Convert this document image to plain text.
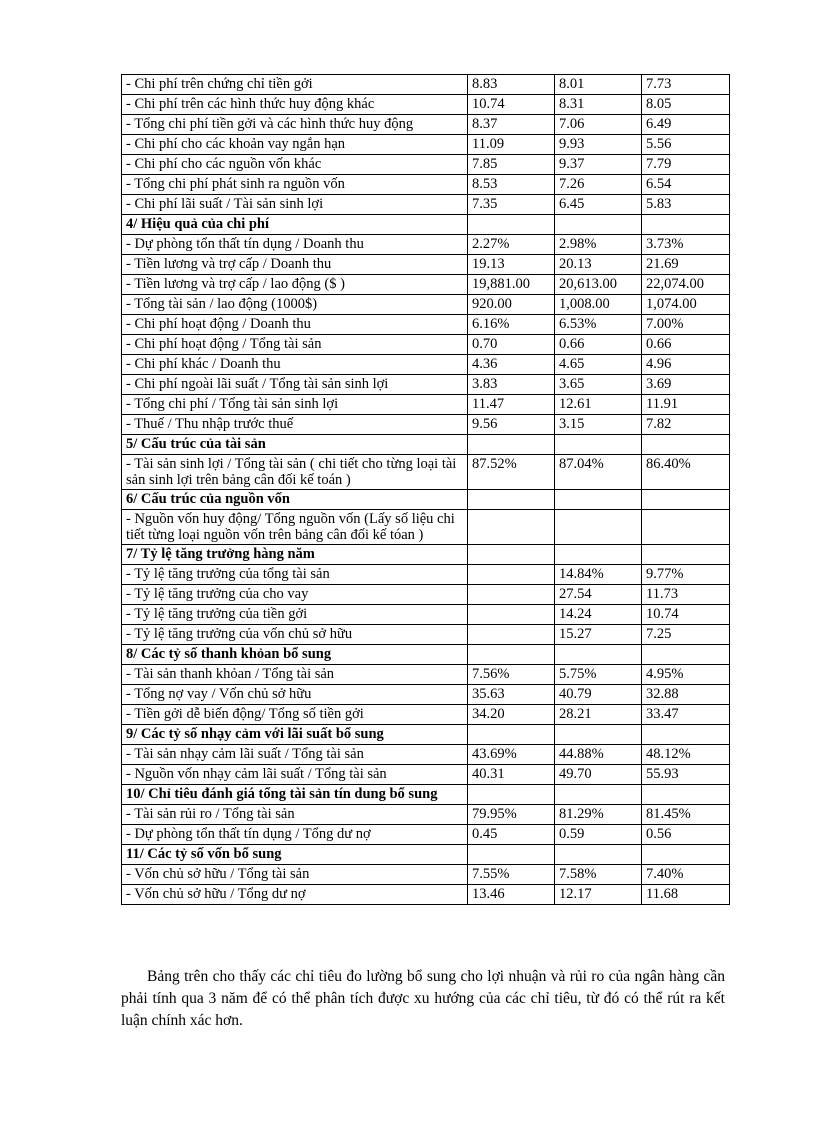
- Chi phí trên chứng chỉ tiền gởi	8.83	8.01	7.73
- Chi phí trên các hình thức huy động khác	10.74	8.31	8.05
- Tổng chi phí tiền gởi và các hình thức huy động	8.37	7.06	6.49
- Chi phí cho các khoản vay ngắn hạn	11.09	9.93	5.56
- Chi phí cho các nguồn vốn khác	7.85	9.37	7.79
- Tổng chi phí phát sinh ra nguồn vốn	8.53	7.26	6.54
- Chi phí lãi suất / Tài sản sinh lợi	7.35	6.45	5.83
4/ Hiệu quả của chi phí			
- Dự phòng tổn thất tín dụng / Doanh thu	2.27%	2.98%	3.73%
- Tiền lương và trợ cấp / Doanh thu	19.13	20.13	21.69
- Tiền lương và trợ cấp / lao động ($ )	19,881.00	20,613.00	22,074.00
- Tổng tài sản / lao động (1000$)	920.00	1,008.00	1,074.00
- Chi phí hoạt động / Doanh thu	6.16%	6.53%	7.00%
- Chi phí hoạt động / Tổng tài sản	0.70	0.66	0.66
- Chi phí khác / Doanh thu	4.36	4.65	4.96
- Chi phí ngoài lãi suất / Tổng tài sản sinh lợi	3.83	3.65	3.69
- Tổng chi phí / Tổng tài sản sinh lợi	11.47	12.61	11.91
- Thuế / Thu nhập trước thuế	9.56	3.15	7.82
5/ Cấu trúc của tài sản			
- Tài sản sinh lợi / Tổng tài sản ( chi tiết cho từng loại tài sản sinh lợi trên bảng cân đối kế toán )	87.52%	87.04%	86.40%
6/ Cấu trúc của nguồn vốn			
- Nguồn vốn huy động/ Tổng nguồn vốn (Lấy số liệu chi tiết từng loại nguồn vốn trên bảng cân đối kế tóan )			
7/ Tỷ lệ tăng trưởng hàng năm			
- Tỷ lệ tăng trưởng của tổng tài sản		14.84%	9.77%
- Tỷ lệ tăng trưởng của cho vay		27.54	11.73
- Tỷ lệ tăng trưởng của tiền gởi		14.24	10.74
- Tỷ lệ tăng trưởng của vốn chủ sở hữu		15.27	7.25
8/ Các tỷ số thanh khỏan bổ sung			
- Tài sản thanh khỏan / Tổng tài sản	7.56%	5.75%	4.95%
- Tổng nợ vay / Vốn chủ sở hữu	35.63	40.79	32.88
- Tiền gởi dễ biến động/ Tổng số tiền gởi	34.20	28.21	33.47
9/ Các tỷ số nhạy cảm với lãi suất bổ sung			
- Tài sản nhạy cảm lãi suất / Tổng tài sản	43.69%	44.88%	48.12%
- Nguồn vốn nhạy cảm lãi suất / Tổng tài sản	40.31	49.70	55.93
10/ Chỉ tiêu đánh giá tổng tài sản tín dung bổ sung			
- Tài sản rủi ro / Tổng tài sản	79.95%	81.29%	81.45%
- Dự phòng tổn thất tín dụng / Tổng dư nợ	0.45	0.59	0.56
11/ Các tỷ số vốn bổ sung			
- Vốn chủ sở hữu / Tổng tài sản	7.55%	7.58%	7.40%
- Vốn chủ sở hữu / Tổng dư nợ	13.46	12.17	11.68

Bảng trên cho thấy các chỉ tiêu đo lường bổ sung cho lợi nhuận và rủi ro của ngân hàng cần phải tính qua 3 năm để có thể phân tích được xu hướng của các chỉ tiêu, từ đó có thể rút ra kết luận chính xác hơn.
